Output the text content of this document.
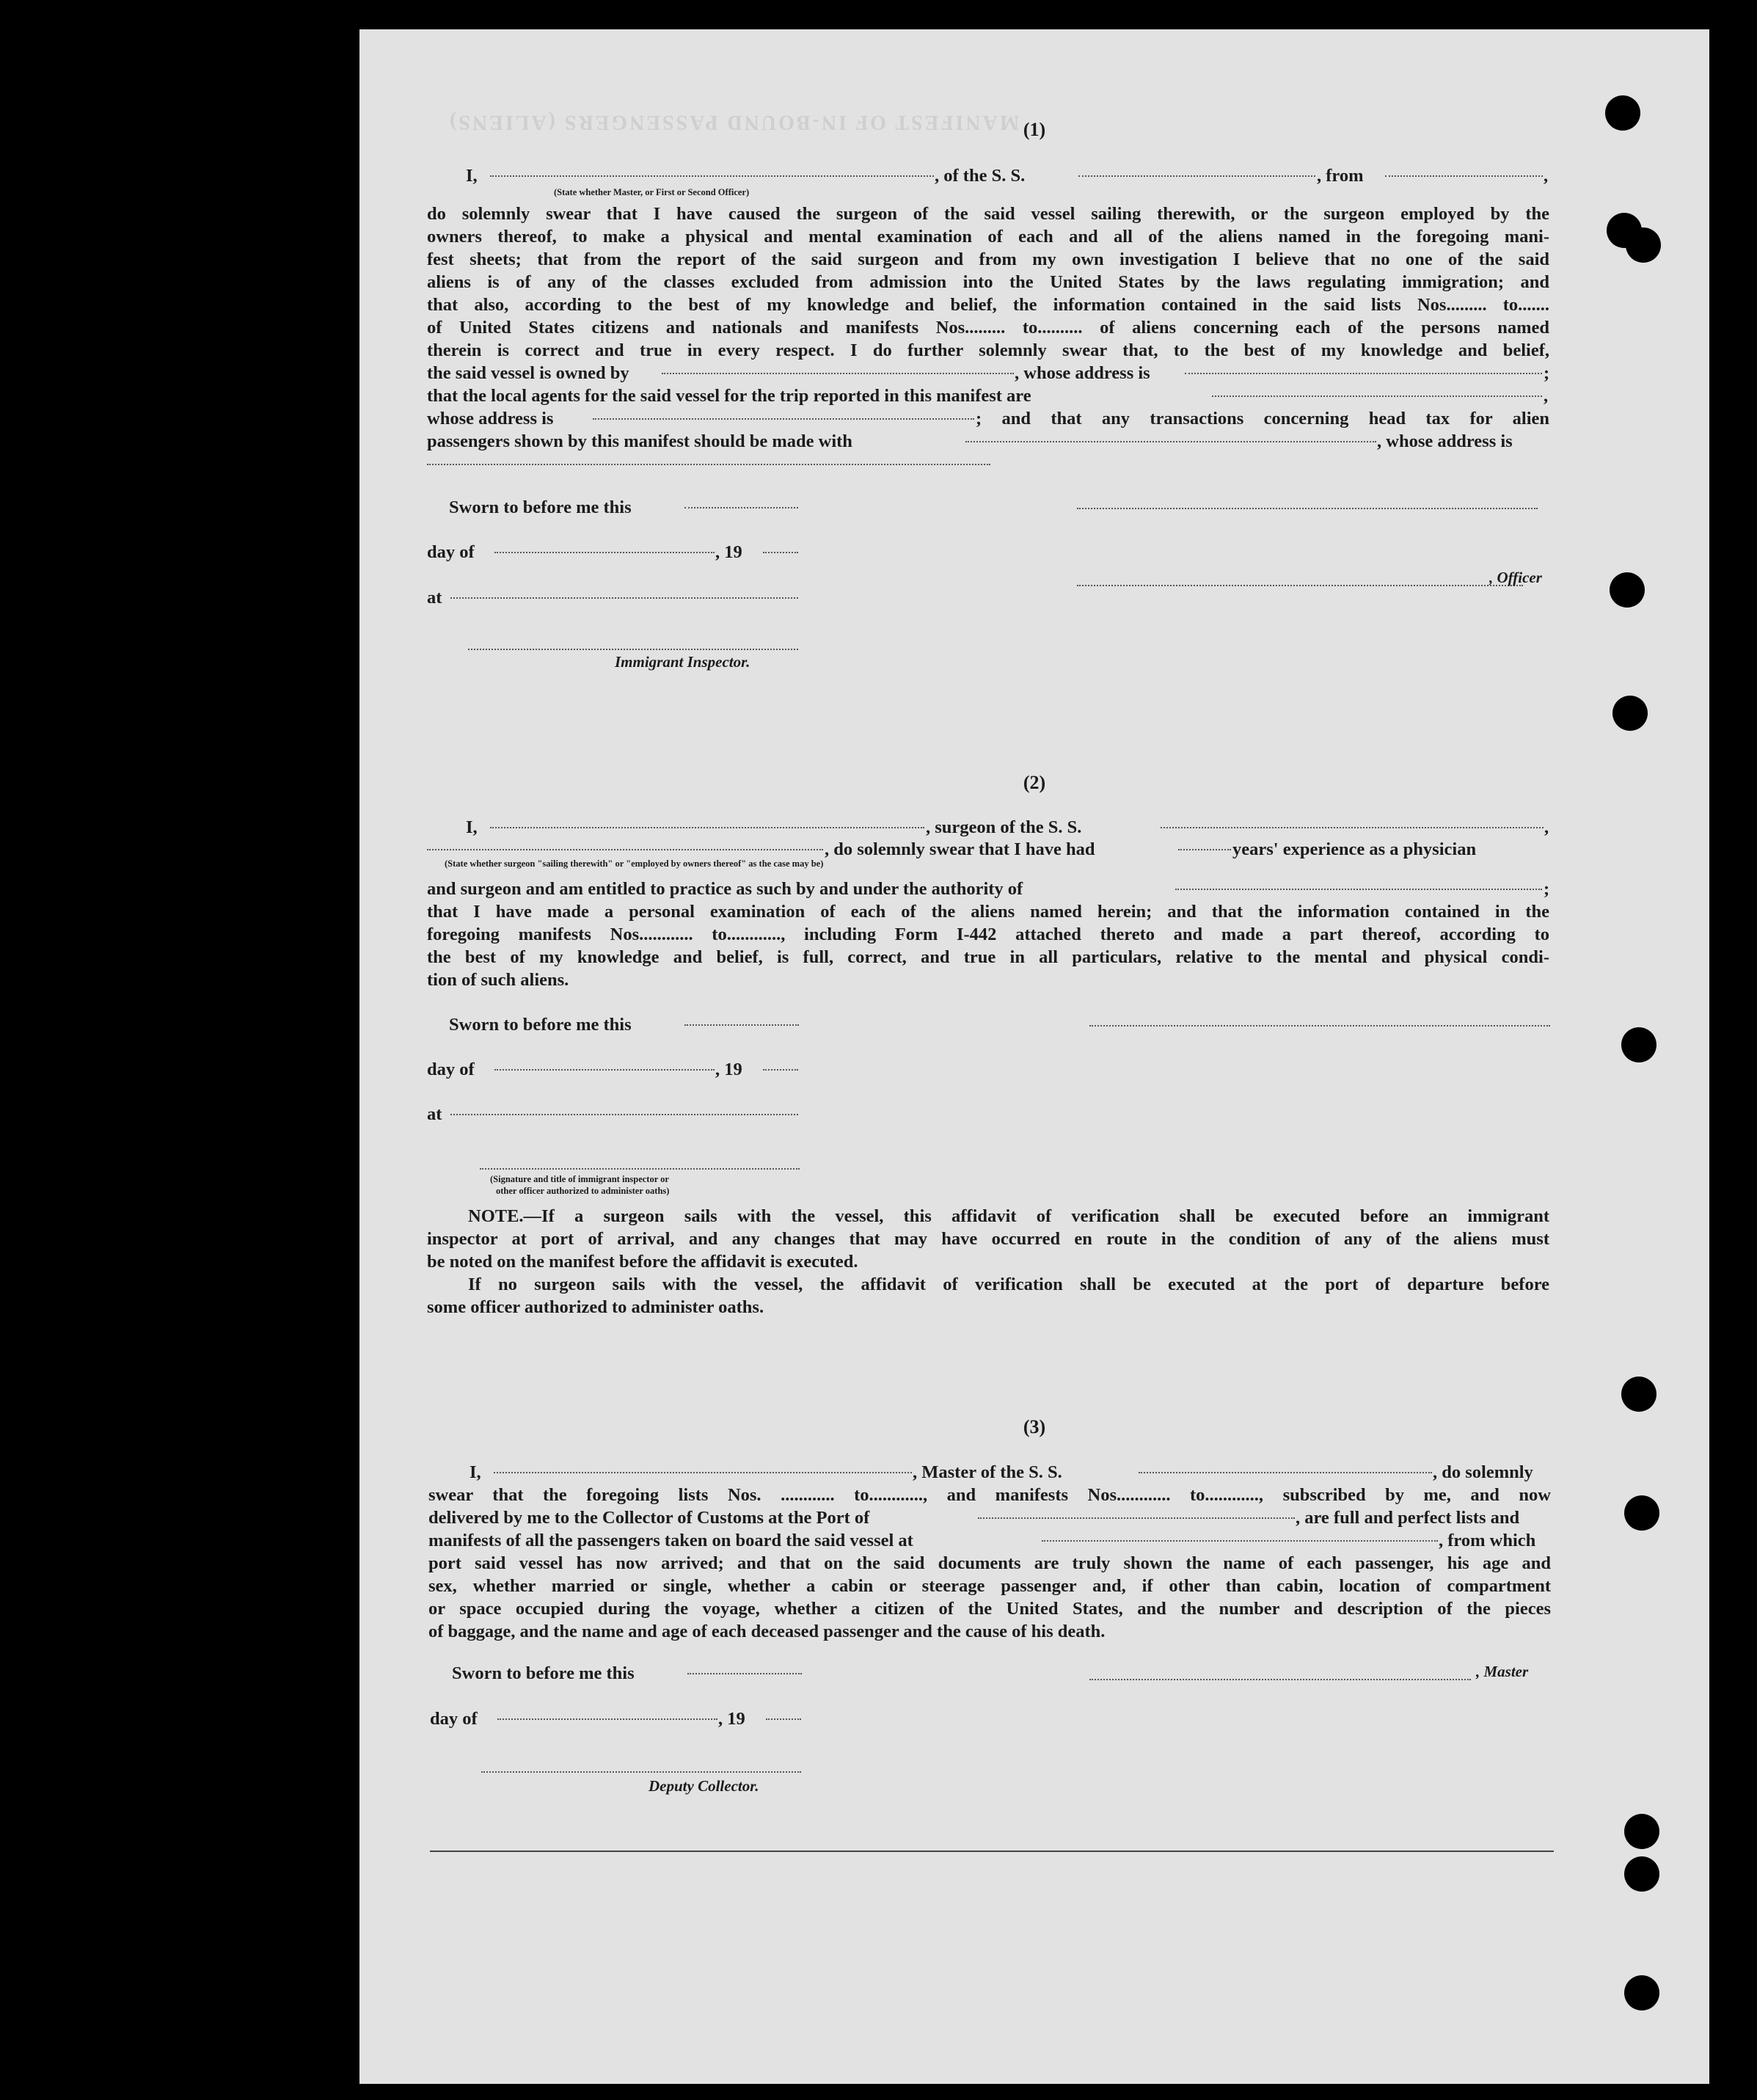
MANIFEST OF IN-BOUND PASSENGERS (ALIENS) (1)
I,	, of the S. S.	, from	,
(State whether Master, or First or Second Officer)
do solemnly swear that I have caused the surgeon of the said vessel sailing therewith, or the surgeon employed by the
owners thereof, to make a physical and mental examination of each and all of the aliens named in the foregoing mani-
fest sheets; that from the report of the said surgeon and from my own investigation I believe that no one of the said
aliens is of any of the classes excluded from admission into the United States by the laws regulating immigration; and
that also, according to the best of my knowledge and belief, the information contained in the said lists Nos......... to.......
of United States citizens and nationals and manifests Nos......... to.......... of aliens concerning each of the persons named
therein is correct and true in every respect. I do further solemnly swear that, to the best of my knowledge and belief,
the said vessel is owned by	, whose address is	;
that the local agents for the said vessel for the trip reported in this manifest are	,
whose address is	; and that any transactions concerning head tax for alien
passengers shown by this manifest should be made with	, whose address is
Sworn to before me this
day of	, 19
, Officer
at
Immigrant Inspector.
(2)
I,	, surgeon of the S. S.	,
, do solemnly swear that I have had	years' experience as a physician
(State whether surgeon "sailing therewith" or "employed by owners thereof" as the case may be)
and surgeon and am entitled to practice as such by and under the authority of	;
that I have made a personal examination of each of the aliens named herein; and that the information contained in the
foregoing manifests Nos............ to............, including Form I-442 attached thereto and made a part thereof, according to
the best of my knowledge and belief, is full, correct, and true in all particulars, relative to the mental and physical condi-
tion of such aliens.
Sworn to before me this
day of	, 19
at
(Signature and title of immigrant inspector or
other officer authorized to administer oaths)
NOTE.—If a surgeon sails with the vessel, this affidavit of verification shall be executed before an immigrant
inspector at port of arrival, and any changes that may have occurred en route in the condition of any of the aliens must
be noted on the manifest before the affidavit is executed.
If no surgeon sails with the vessel, the affidavit of verification shall be executed at the port of departure before
some officer authorized to administer oaths.
(3)
I,	, Master of the S. S.	, do solemnly
swear that the foregoing lists Nos. ............ to............, and manifests Nos............ to............, subscribed by me, and now
delivered by me to the Collector of Customs at the Port of	, are full and perfect lists and
manifests of all the passengers taken on board the said vessel at	, from which
port said vessel has now arrived; and that on the said documents are truly shown the name of each passenger, his age and
sex, whether married or single, whether a cabin or steerage passenger and, if other than cabin, location of compartment
or space occupied during the voyage, whether a citizen of the United States, and the number and description of the pieces
of baggage, and the name and age of each deceased passenger and the cause of his death.
Sworn to before me this	, Master
day of	, 19
Deputy Collector.
